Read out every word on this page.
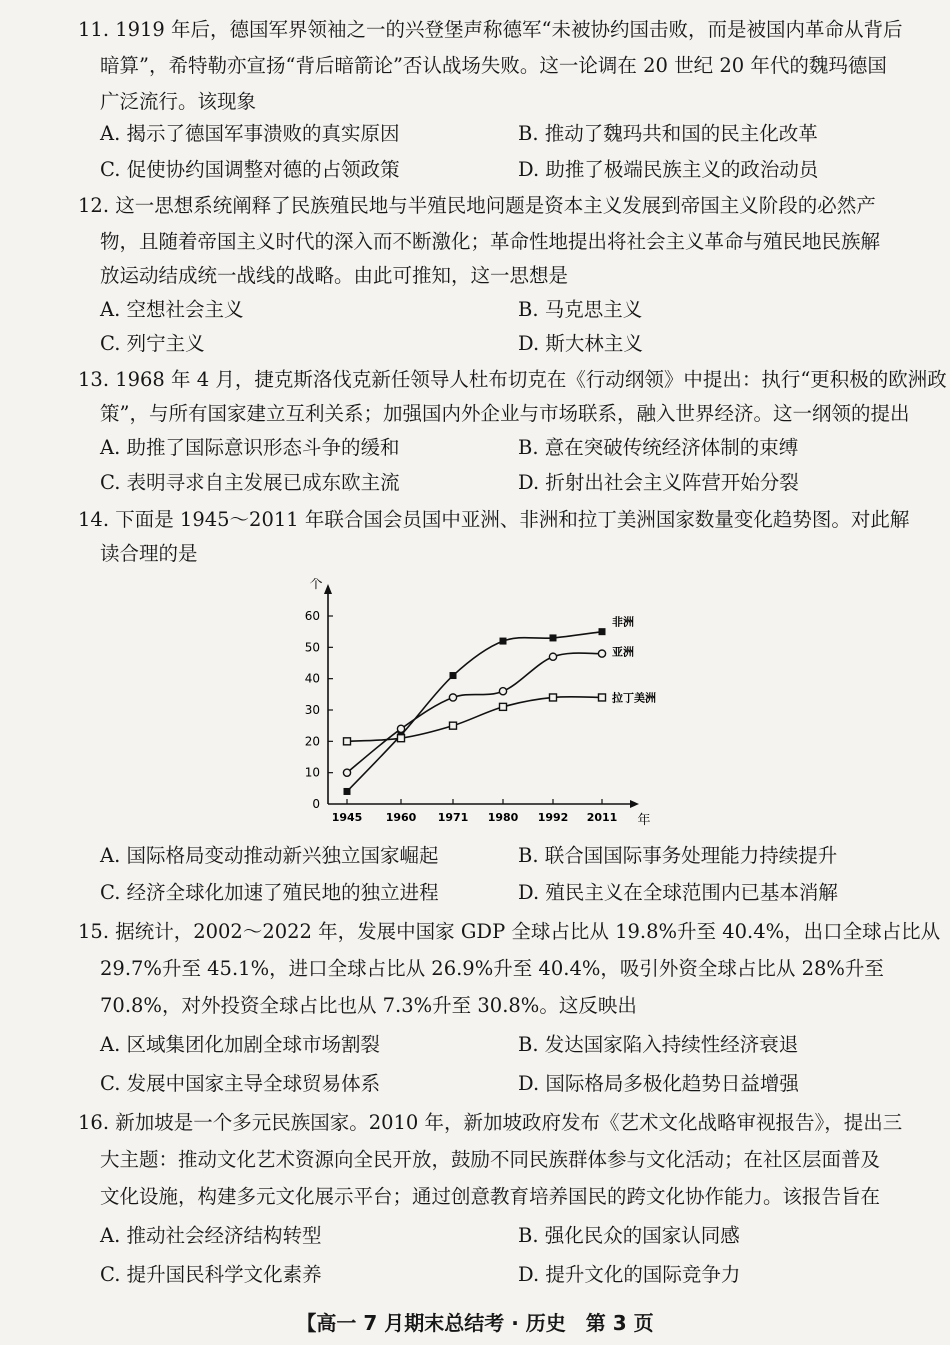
11. 1919 年后，德国军界领袖之一的兴登堡声称德军“未被协约国击败，而是被国内革命从背后
暗算”，希特勒亦宣扬“背后暗箭论”否认战场失败。这一论调在 20 世纪 20 年代的魏玛德国
广泛流行。该现象
A. 揭示了德国军事溃败的真实原因	B. 推动了魏玛共和国的民主化改革
C. 促使协约国调整对德的占领政策	D. 助推了极端民族主义的政治动员
12. 这一思想系统阐释了民族殖民地与半殖民地问题是资本主义发展到帝国主义阶段的必然产
物，且随着帝国主义时代的深入而不断激化；革命性地提出将社会主义革命与殖民地民族解
放运动结成统一战线的战略。由此可推知，这一思想是
A. 空想社会主义	B. 马克思主义
C. 列宁主义	D. 斯大林主义
13. 1968 年 4 月，捷克斯洛伐克新任领导人杜布切克在《行动纲领》中提出：执行“更积极的欧洲政
策”，与所有国家建立互利关系；加强国内外企业与市场联系，融入世界经济。这一纲领的提出
A. 助推了国际意识形态斗争的缓和	B. 意在突破传统经济体制的束缚
C. 表明寻求自主发展已成东欧主流	D. 折射出社会主义阵营开始分裂
14. 下面是 1945～2011 年联合国会员国中亚洲、非洲和拉丁美洲国家数量变化趋势图。对此解
读合理的是
0
10
20
30
40
50
60
个
1945 1960 1971 1980 1992 2011 年
非洲
亚洲
拉丁美洲
A. 国际格局变动推动新兴独立国家崛起	B. 联合国国际事务处理能力持续提升
C. 经济全球化加速了殖民地的独立进程	D. 殖民主义在全球范围内已基本消解
15. 据统计，2002～2022 年，发展中国家 GDP 全球占比从 19.8%升至 40.4%，出口全球占比从
29.7%升至 45.1%，进口全球占比从 26.9%升至 40.4%，吸引外资全球占比从 28%升至
70.8%，对外投资全球占比也从 7.3%升至 30.8%。这反映出
A. 区域集团化加剧全球市场割裂	B. 发达国家陷入持续性经济衰退
C. 发展中国家主导全球贸易体系	D. 国际格局多极化趋势日益增强
16. 新加坡是一个多元民族国家。2010 年，新加坡政府发布《艺术文化战略审视报告》，提出三
大主题：推动文化艺术资源向全民开放，鼓励不同民族群体参与文化活动；在社区层面普及
文化设施，构建多元文化展示平台；通过创意教育培养国民的跨文化协作能力。该报告旨在
A. 推动社会经济结构转型	B. 强化民众的国家认同感
C. 提升国民科学文化素养	D. 提升文化的国际竞争力
【高一 7 月期末总结考 · 历史　第 3 页
